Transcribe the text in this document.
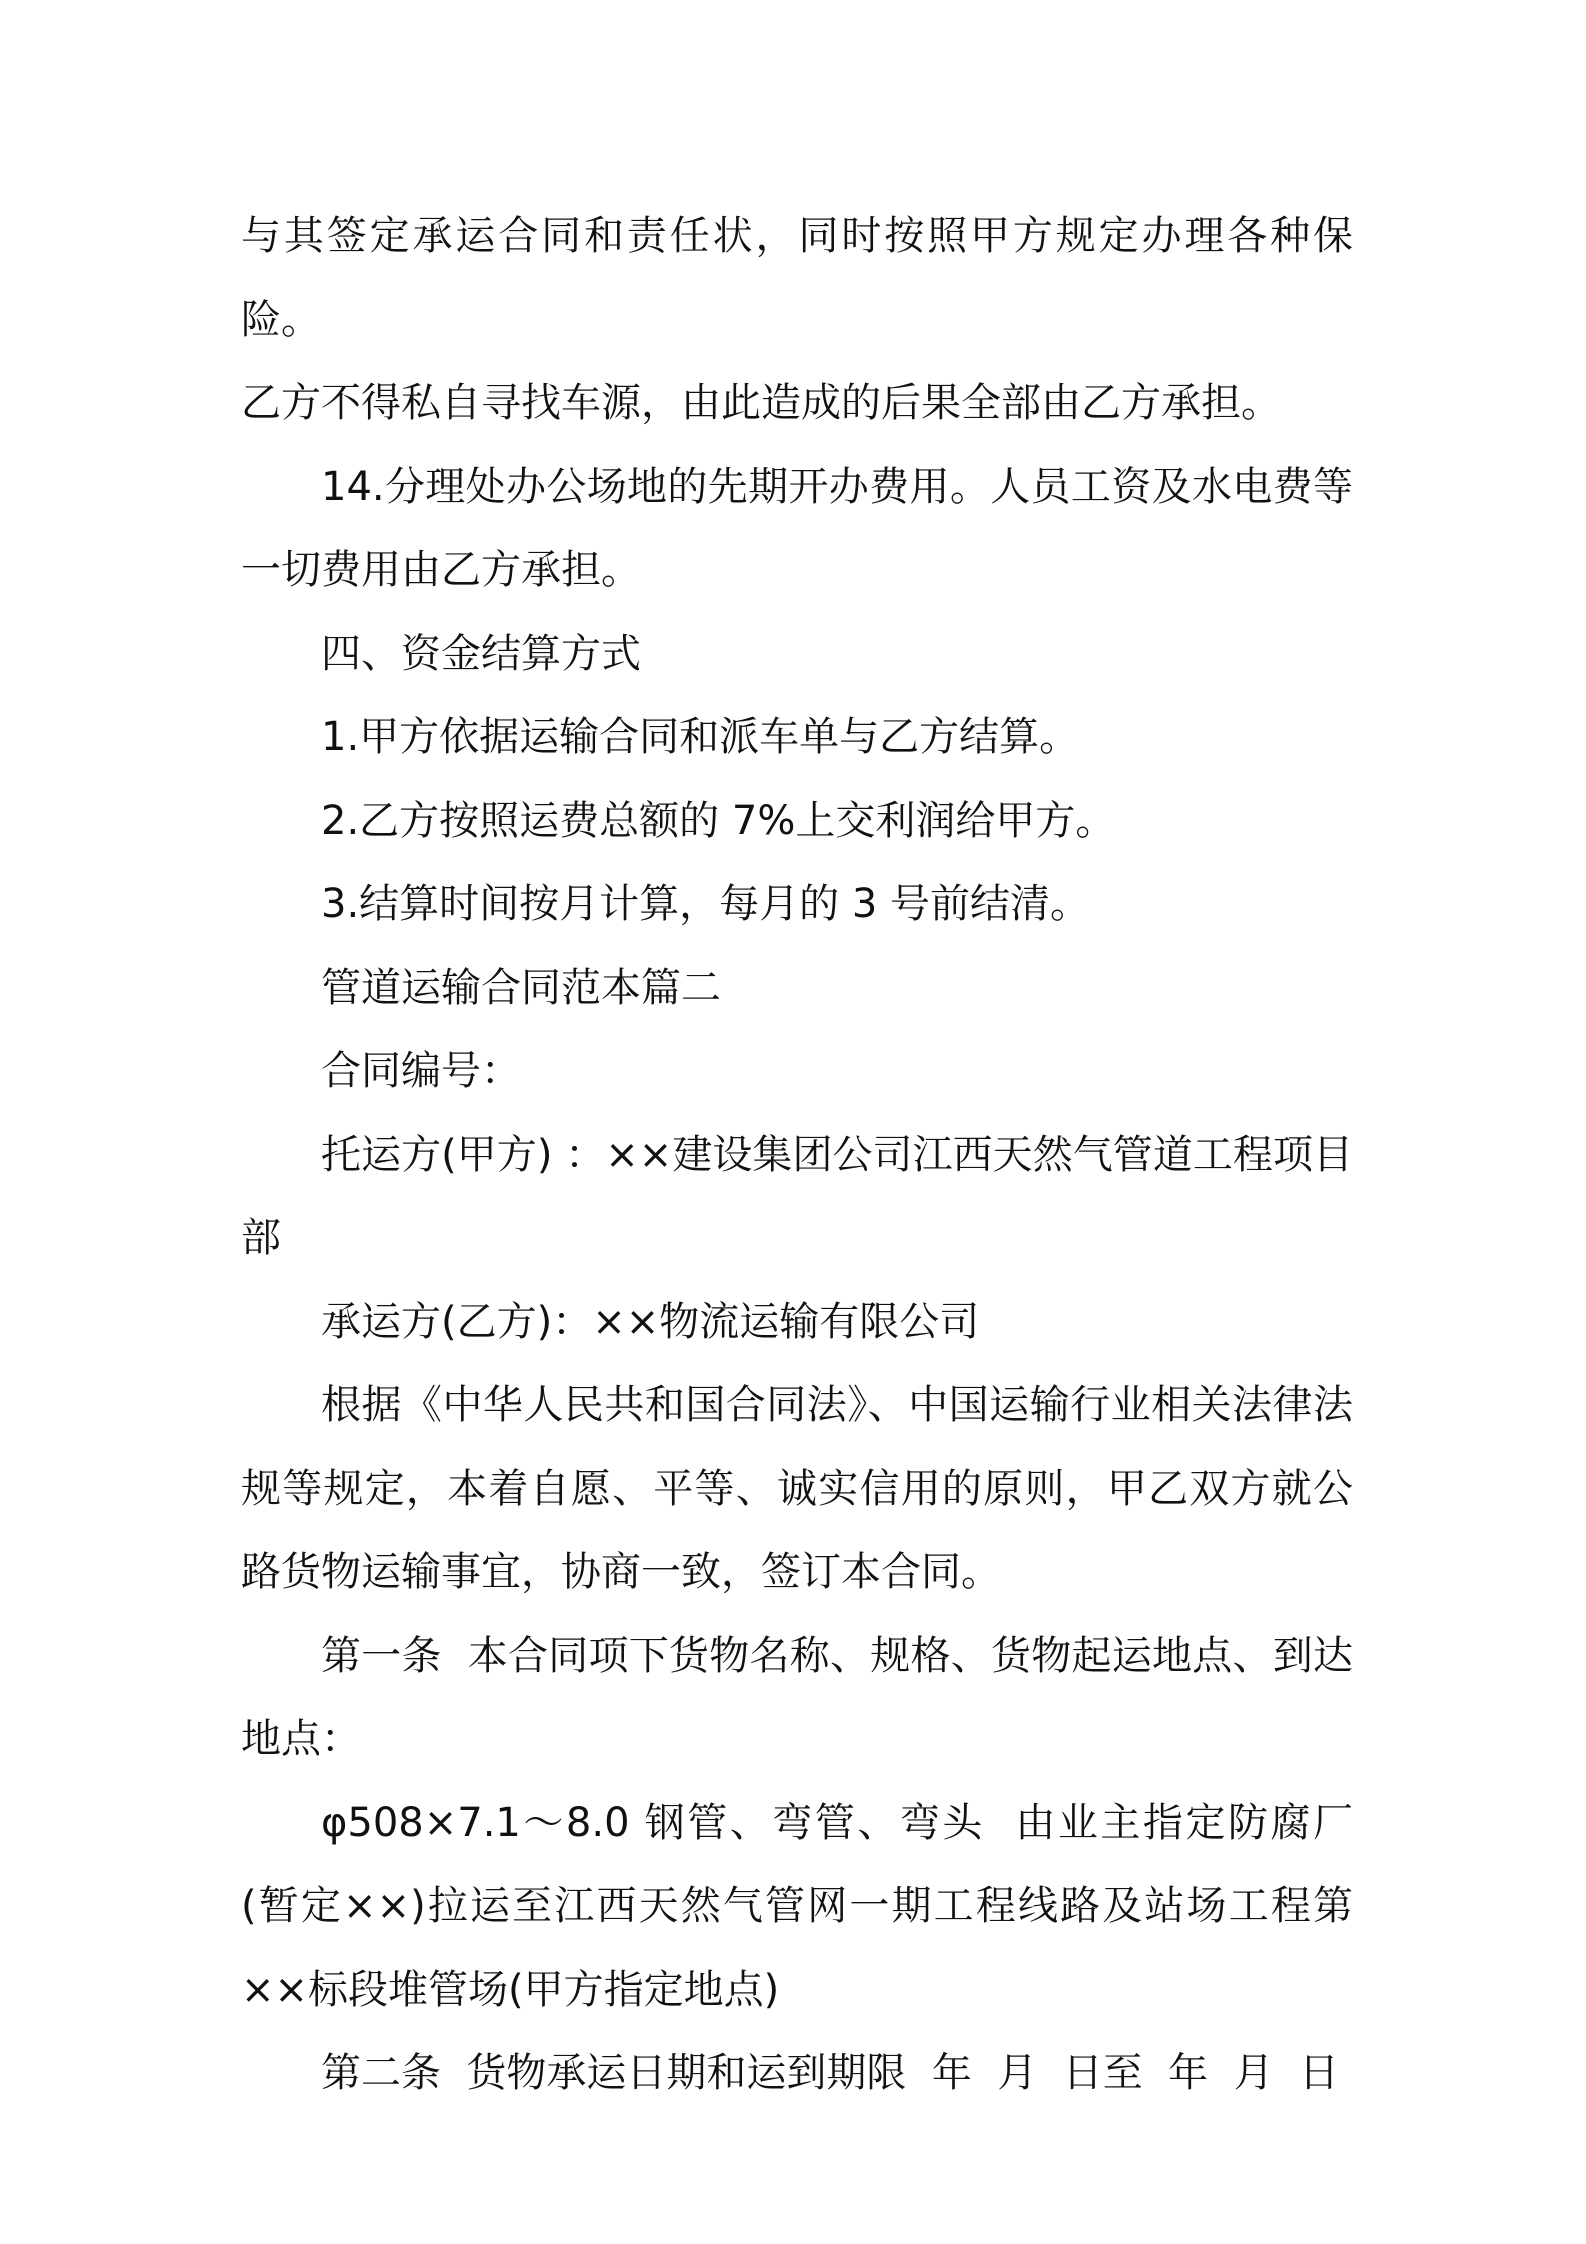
与其签定承运合同和责任状，同时按照甲方规定办理各种保险。

乙方不得私自寻找车源，由此造成的后果全部由乙方承担。

14.分理处办公场地的先期开办费用。人员工资及水电费等一切费用由乙方承担。

四、资金结算方式

1.甲方依据运输合同和派车单与乙方结算。

2.乙方按照运费总额的 7%上交利润给甲方。

3.结算时间按月计算，每月的 3 号前结清。

管道运输合同范本篇二

合同编号：

托运方(甲方) ：××建设集团公司江西天然气管道工程项目部

承运方(乙方)：××物流运输有限公司

根据《中华人民共和国合同法》、中国运输行业相关法律法规等规定，本着自愿、平等、诚实信用的原则，甲乙双方就公路货物运输事宜，协商一致，签订本合同。

第一条  本合同项下货物名称、规格、货物起运地点、到达地点：

φ508×7.1～8.0 钢管、弯管、弯头  由业主指定防腐厂(暂定××)拉运至江西天然气管网一期工程线路及站场工程第××标段堆管场(甲方指定地点)

第二条  货物承运日期和运到期限  年  月  日至  年  月  日
